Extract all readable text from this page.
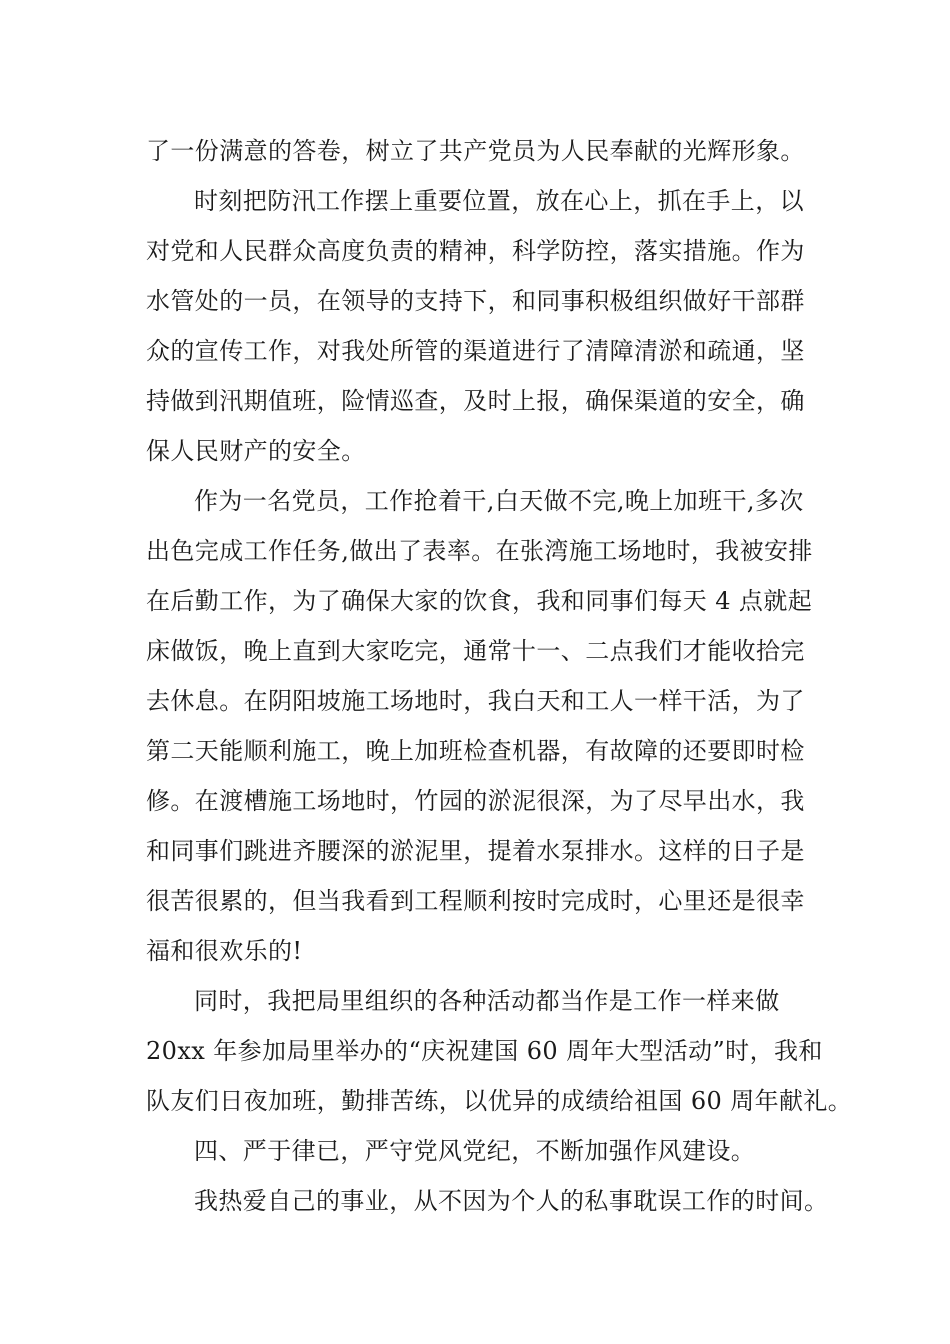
了一份满意的答卷，树立了共产党员为人民奉献的光辉形象。
时刻把防汛工作摆上重要位置，放在心上，抓在手上，以
对党和人民群众高度负责的精神，科学防控，落实措施。作为
水管处的一员，在领导的支持下，和同事积极组织做好干部群
众的宣传工作，对我处所管的渠道进行了清障清淤和疏通，坚
持做到汛期值班，险情巡查，及时上报，确保渠道的安全，确
保人民财产的安全。
作为一名党员，工作抢着干,白天做不完,晚上加班干,多次
出色完成工作任务,做出了表率。在张湾施工场地时，我被安排
在后勤工作，为了确保大家的饮食，我和同事们每天 4 点就起
床做饭，晚上直到大家吃完，通常十一、二点我们才能收拾完
去休息。在阴阳坡施工场地时，我白天和工人一样干活，为了
第二天能顺利施工，晚上加班检查机器，有故障的还要即时检
修。在渡槽施工场地时，竹园的淤泥很深，为了尽早出水，我
和同事们跳进齐腰深的淤泥里，提着水泵排水。这样的日子是
很苦很累的，但当我看到工程顺利按时完成时，心里还是很幸
福和很欢乐的!
同时，我把局里组织的各种活动都当作是工作一样来做
20xx 年参加局里举办的“庆祝建国 60 周年大型活动”时，我和
队友们日夜加班，勤排苦练，以优异的成绩给祖国 60 周年献礼。
四、严于律已，严守党风党纪，不断加强作风建设。
我热爱自己的事业，从不因为个人的私事耽误工作的时间。
